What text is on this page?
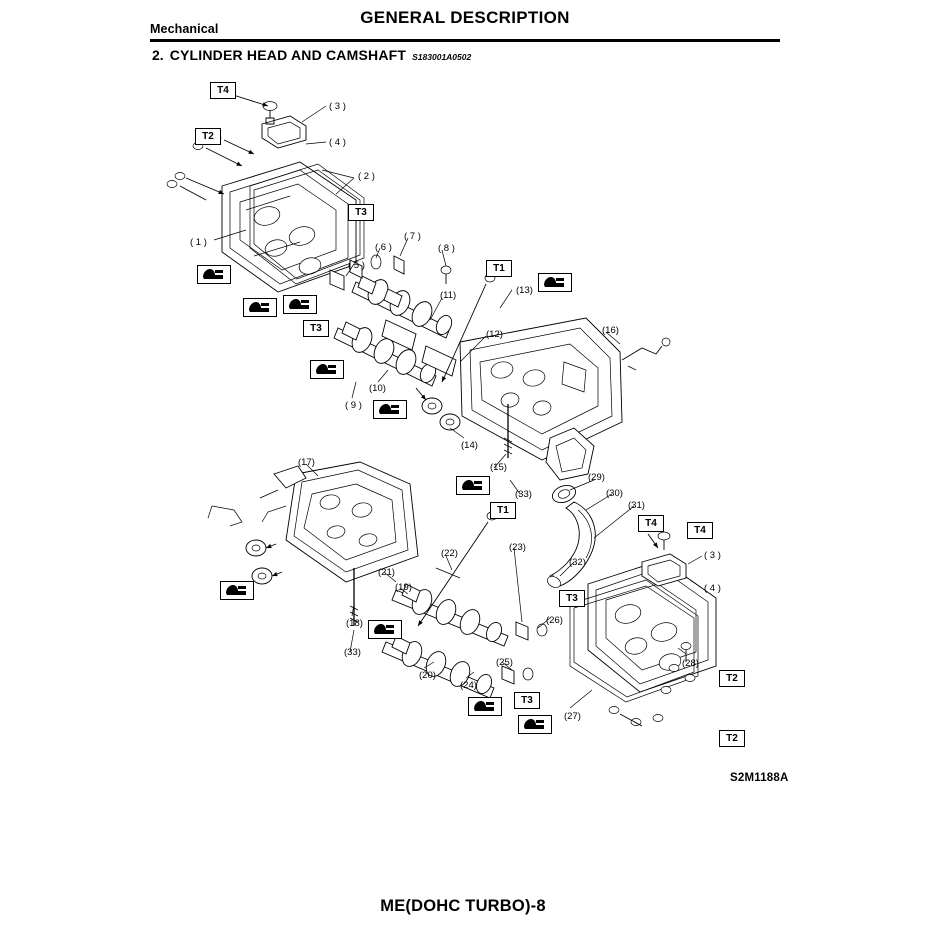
Mechanical
GENERAL DESCRIPTION
2. CYLINDER HEAD AND CAMSHAFT S183001A0502
( 1 )
( 2 )
( 3 )
( 4 )
( 5 )
( 6 )
( 7 )
( 8 )
( 9 )
(10)
(11)
(12)
(13)
(14)
(15)
(16)
(17)
(18)
(19)
(20)
(21)
(22)
(23)
(24)
(25)
(26)
(27)
(28)
(29)
(30)
(31)
(32)
(33)
(33)
( 3 )
( 4 )
T4
T2
T3
T1
T3
T1
T4
T4
T3
T3
T2
T2
S2M1188A
ME(DOHC TURBO)-8
